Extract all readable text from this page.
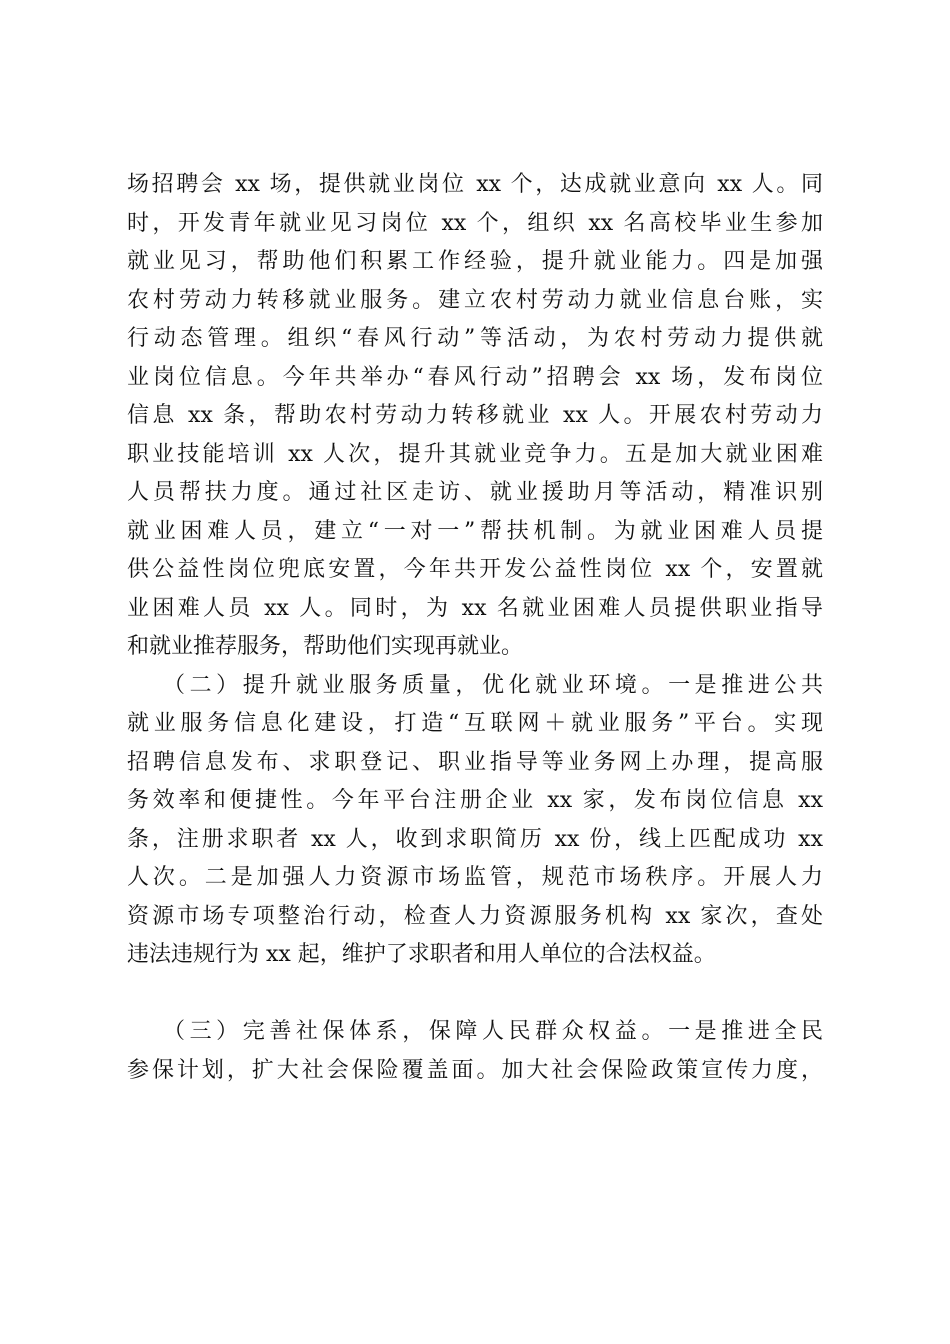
场招聘会 xx 场，提供就业岗位 xx 个，达成就业意向 xx 人。同
时，开发青年就业见习岗位 xx 个，组织 xx 名高校毕业生参加
就业见习，帮助他们积累工作经验，提升就业能力。四是加强
农村劳动力转移就业服务。建立农村劳动力就业信息台账，实
行动态管理。组织“春风行动”等活动，为农村劳动力提供就
业岗位信息。今年共举办“春风行动”招聘会 xx 场，发布岗位
信息 xx 条，帮助农村劳动力转移就业 xx 人。开展农村劳动力
职业技能培训 xx 人次，提升其就业竞争力。五是加大就业困难
人员帮扶力度。通过社区走访、就业援助月等活动，精准识别
就业困难人员，建立“一对一”帮扶机制。为就业困难人员提
供公益性岗位兜底安置，今年共开发公益性岗位 xx 个，安置就
业困难人员 xx 人。同时，为 xx 名就业困难人员提供职业指导
和就业推荐服务，帮助他们实现再就业。
（二）提升就业服务质量，优化就业环境。一是推进公共
就业服务信息化建设，打造“互联网＋就业服务”平台。实现
招聘信息发布、求职登记、职业指导等业务网上办理，提高服
务效率和便捷性。今年平台注册企业 xx 家，发布岗位信息 xx
条，注册求职者 xx 人，收到求职简历 xx 份，线上匹配成功 xx
人次。二是加强人力资源市场监管，规范市场秩序。开展人力
资源市场专项整治行动，检查人力资源服务机构 xx 家次，查处
违法违规行为 xx 起，维护了求职者和用人单位的合法权益。
（三）完善社保体系，保障人民群众权益。一是推进全民
参保计划，扩大社会保险覆盖面。加大社会保险政策宣传力度，
